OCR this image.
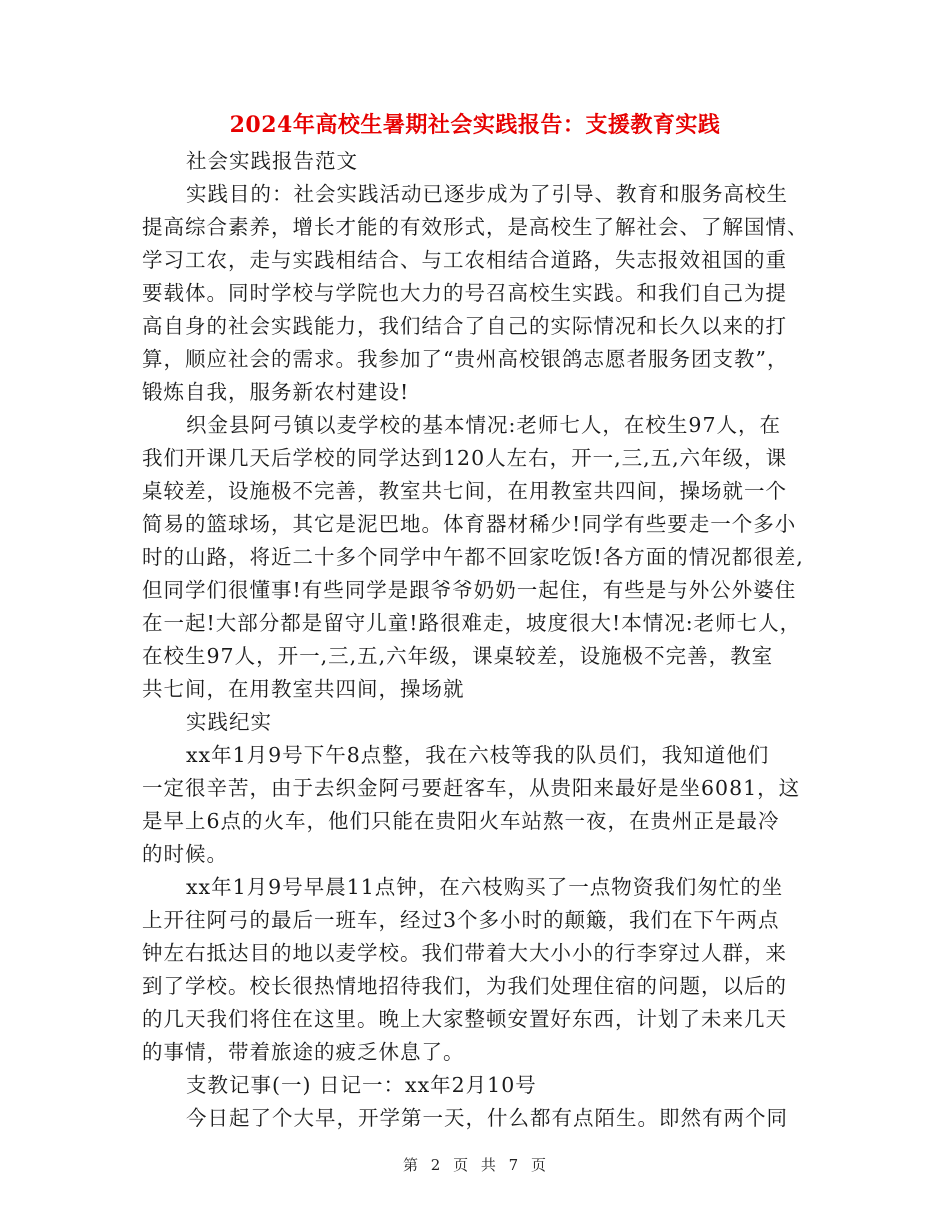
2024年高校生暑期社会实践报告：支援教育实践
社会实践报告范文
实践目的：社会实践活动已逐步成为了引导、教育和服务高校生
提高综合素养，增长才能的有效形式，是高校生了解社会、了解国情、
学习工农，走与实践相结合、与工农相结合道路，失志报效祖国的重
要载体。同时学校与学院也大力的号召高校生实践。和我们自己为提
高自身的社会实践能力，我们结合了自己的实际情况和长久以来的打
算，顺应社会的需求。我参加了“贵州高校银鸽志愿者服务团支教”，
锻炼自我，服务新农村建设!
织金县阿弓镇以麦学校的基本情况:老师七人，在校生97人，在
我们开课几天后学校的同学达到120人左右，开一,三,五,六年级，课
桌较差，设施极不完善，教室共七间，在用教室共四间，操场就一个
简易的篮球场，其它是泥巴地。体育器材稀少!同学有些要走一个多小
时的山路，将近二十多个同学中午都不回家吃饭!各方面的情况都很差,
但同学们很懂事!有些同学是跟爷爷奶奶一起住，有些是与外公外婆住
在一起!大部分都是留守儿童!路很难走，坡度很大!本情况:老师七人，
在校生97人，开一,三,五,六年级，课桌较差，设施极不完善，教室
共七间，在用教室共四间，操场就
实践纪实
xx年1月9号下午8点整，我在六枝等我的队员们，我知道他们
一定很辛苦，由于去织金阿弓要赶客车，从贵阳来最好是坐6081，这
是早上6点的火车，他们只能在贵阳火车站熬一夜，在贵州正是最冷
的时候。
xx年1月9号早晨11点钟，在六枝购买了一点物资我们匆忙的坐
上开往阿弓的最后一班车，经过3个多小时的颠簸，我们在下午两点
钟左右抵达目的地以麦学校。我们带着大大小小的行李穿过人群，来
到了学校。校长很热情地招待我们，为我们处理住宿的问题，以后的
的几天我们将住在这里。晚上大家整顿安置好东西，计划了未来几天
的事情，带着旅途的疲乏休息了。
支教记事(一) 日记一：xx年2月10号
今日起了个大早，开学第一天，什么都有点陌生。即然有两个同
第 2 页 共 7 页
